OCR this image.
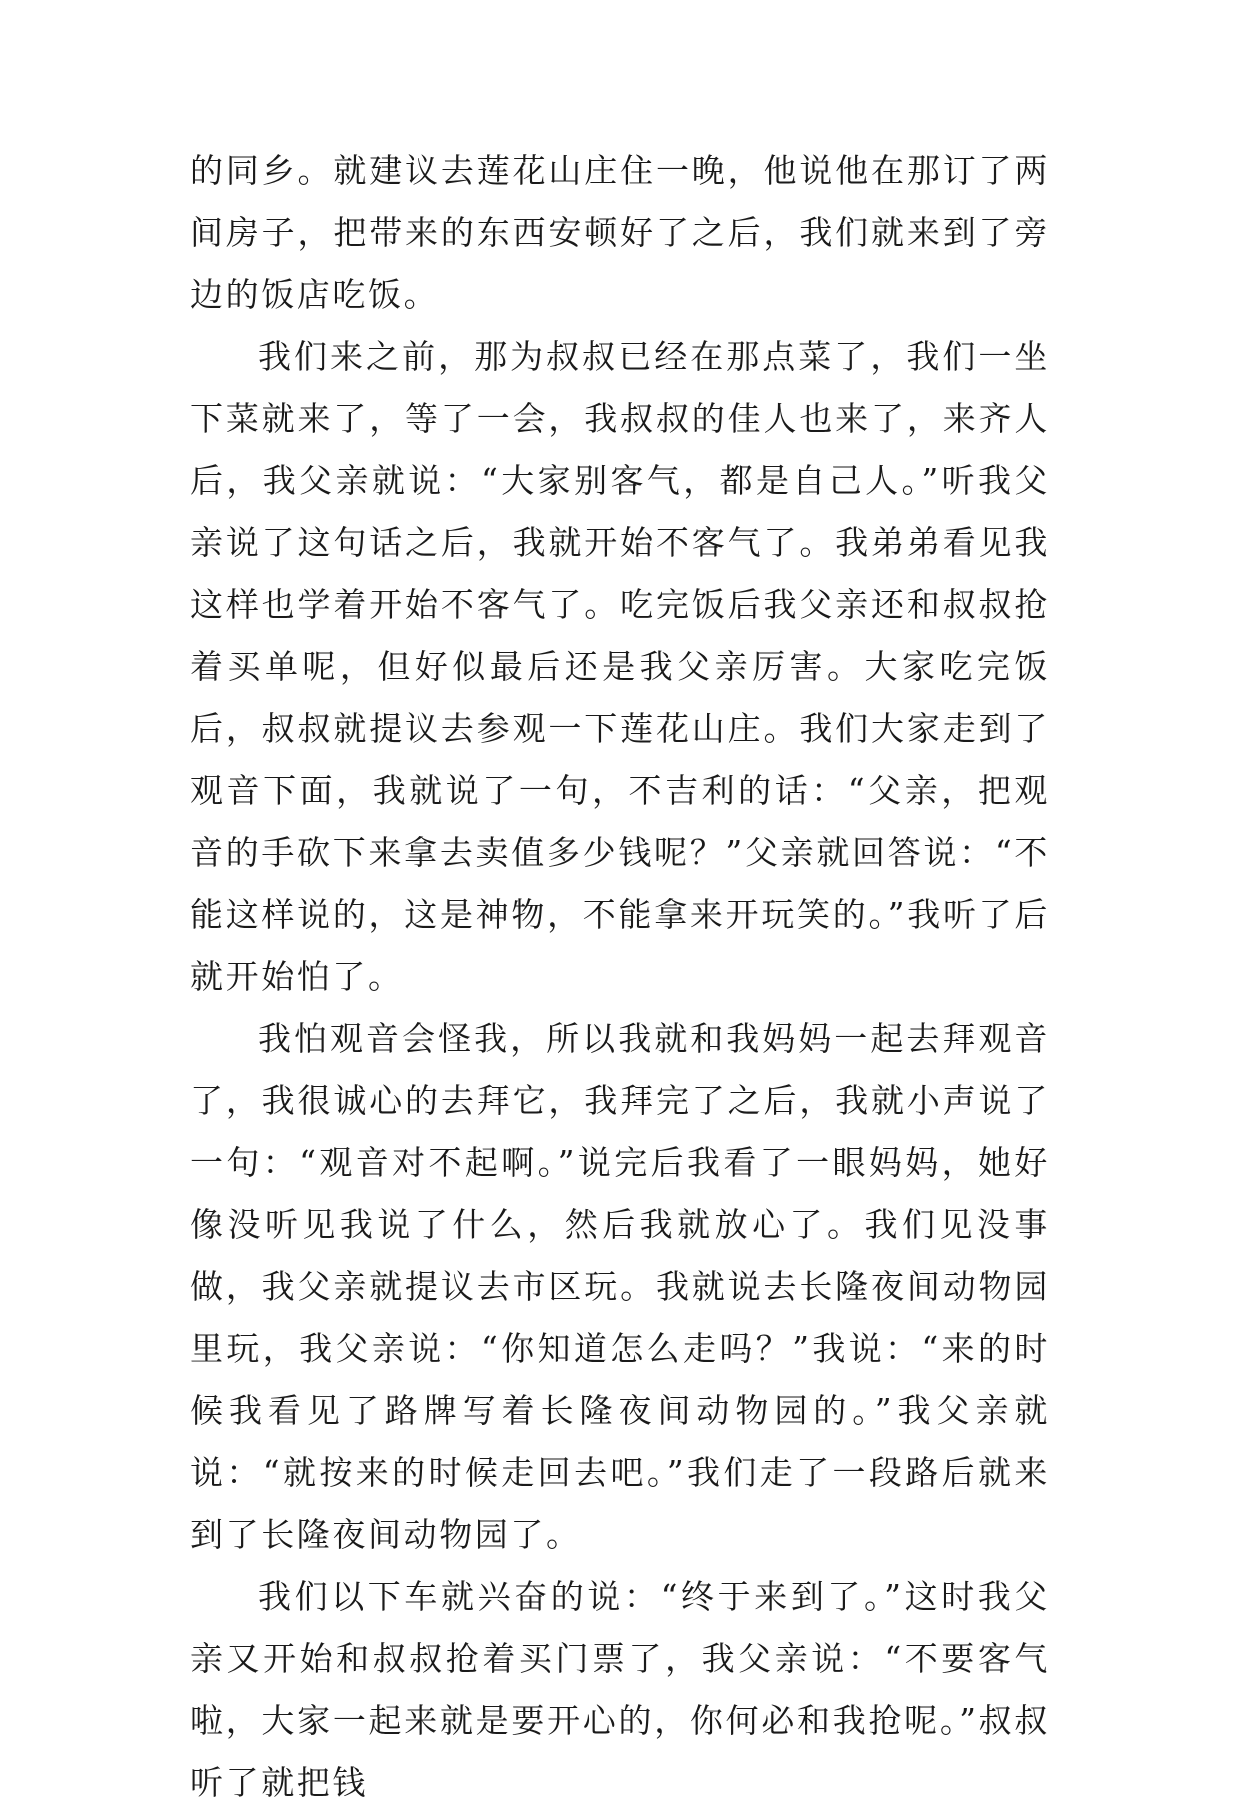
的同乡。就建议去莲花山庄住一晚，他说他在那订了两间房子，把带来的东西安顿好了之后，我们就来到了旁边的饭店吃饭。

我们来之前，那为叔叔已经在那点菜了，我们一坐下菜就来了，等了一会，我叔叔的佳人也来了，来齐人后，我父亲就说：“大家别客气，都是自己人。”听我父亲说了这句话之后，我就开始不客气了。我弟弟看见我这样也学着开始不客气了。吃完饭后我父亲还和叔叔抢着买单呢，但好似最后还是我父亲厉害。大家吃完饭后，叔叔就提议去参观一下莲花山庄。我们大家走到了观音下面，我就说了一句，不吉利的话：“父亲，把观音的手砍下来拿去卖值多少钱呢？”父亲就回答说：“不能这样说的，这是神物，不能拿来开玩笑的。”我听了后就开始怕了。

我怕观音会怪我，所以我就和我妈妈一起去拜观音了，我很诚心的去拜它，我拜完了之后，我就小声说了一句：“观音对不起啊。”说完后我看了一眼妈妈，她好像没听见我说了什么，然后我就放心了。我们见没事做，我父亲就提议去市区玩。我就说去长隆夜间动物园里玩，我父亲说：“你知道怎么走吗？”我说：“来的时候我看见了路牌写着长隆夜间动物园的。”我父亲就说：“就按来的时候走回去吧。”我们走了一段路后就来到了长隆夜间动物园了。

我们以下车就兴奋的说：“终于来到了。”这时我父亲又开始和叔叔抢着买门票了，我父亲说：“不要客气啦，大家一起来就是要开心的，你何必和我抢呢。”叔叔听了就把钱
